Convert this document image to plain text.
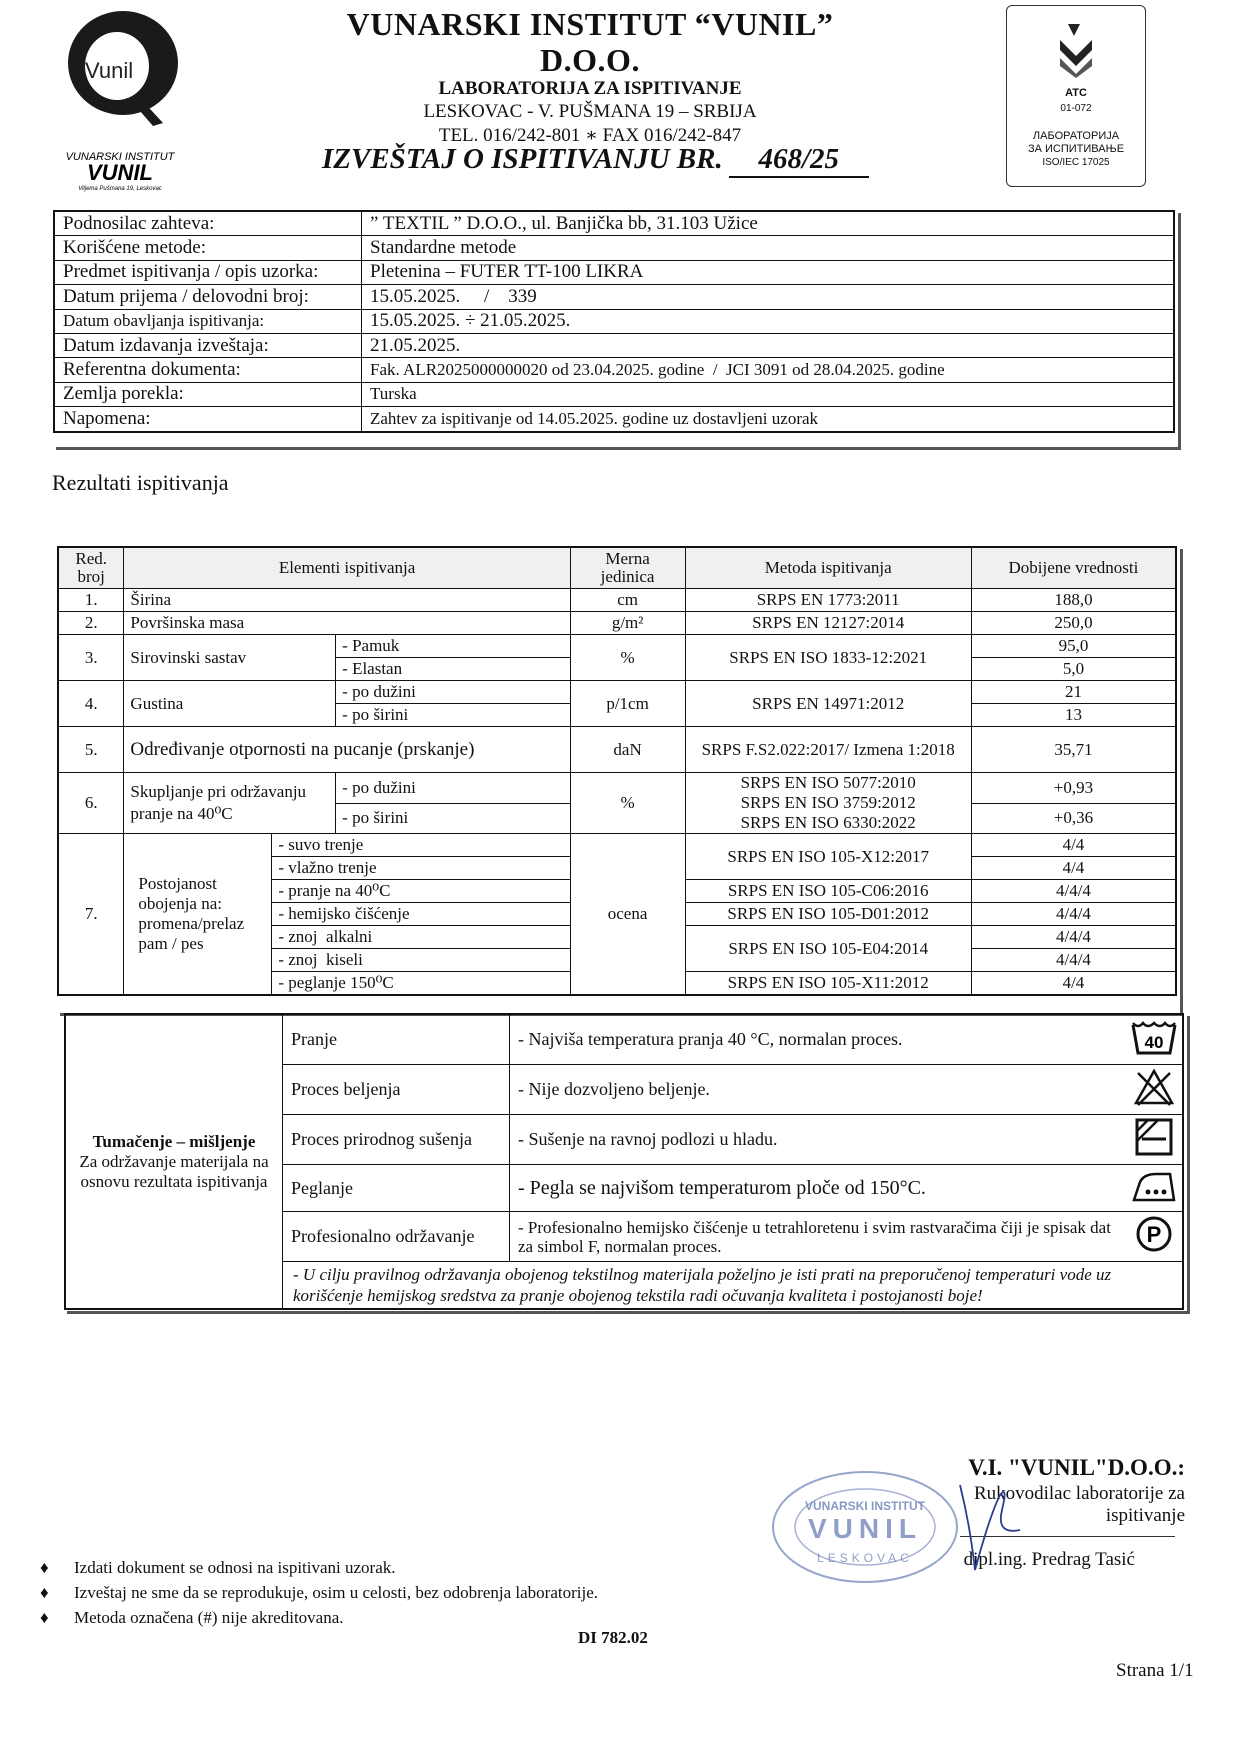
Vunil
VUNARSKI INSTITUT
VUNIL
Viljema Pušmana 19, Leskovac
VUNARSKI INSTITUT “VUNIL” D.O.O.
LABORATORIJA ZA ISPITIVANJE
LESKOVAC - V. PUŠMANA 19 – SRBIJA
TEL. 016/242-801 ∗ FAX 016/242-847
IZVEŠTAJ O ISPITIVANJU BR. 468/25
ATC
01-072
ЛАБОРАТОРИЈА
ЗА ИСПИТИВАЊЕ
ISO/IEC 17025
Podnosilac zahteva:	” TEXTIL ” D.O.O., ul. Banjička bb, 31.103 Užice
Korišćene metode:	Standardne metode
Predmet ispitivanja / opis uzorka:	Pletenina – FUTER TT-100 LIKRA
Datum prijema / delovodni broj:	15.05.2025.     /    339
Datum obavljanja ispitivanja:	15.05.2025. ÷ 21.05.2025.
Datum izdavanja izveštaja:	21.05.2025.
Referentna dokumenta:	Fak. ALR2025000000020 od 23.04.2025. godine  /  JCI 3091 od 28.04.2025. godine
Zemlja porekla:	Turska
Napomena:	Zahtev za ispitivanje od 14.05.2025. godine uz dostavljeni uzorak
Rezultati ispitivanja
Red. broj	Elementi ispitivanja			Merna jedinica	Metoda ispitivanja	Dobijene vrednosti
1.	Širina			cm	SRPS EN 1773:2011	188,0
2.	Površinska masa			g/m²	SRPS EN 12127:2014	250,0
3.	Sirovinski sastav		- Pamuk	%	SRPS EN ISO 1833-12:2021	95,0
			- Elastan			5,0
4.	Gustina		- po dužini	p/1cm	SRPS EN 14971:2012	21
			- po širini			13
5.	Određivanje otpornosti na pucanje (prskanje)			daN	SRPS F.S2.022:2017/ Izmena 1:2018	35,71
6.	Skupljanje pri održavanju pranje na 40⁰C		- po dužini	%	SRPS EN ISO 5077:2010
SRPS EN ISO 3759:2012
SRPS EN ISO 6330:2022	+0,93
			- po širini			+0,36
7.	Postojanost obojenja na: promena/prelaz pam / pes	- suvo trenje		ocena	SRPS EN ISO 105-X12:2017	4/4
		- vlažno trenje				4/4
		- pranje na 40⁰C			SRPS EN ISO 105-C06:2016	4/4/4
		- hemijsko čišćenje			SRPS EN ISO 105-D01:2012	4/4/4
		- znoj  alkalni			SRPS EN ISO 105-E04:2014	4/4/4
		- znoj  kiseli				4/4/4
		- peglanje 150⁰C			SRPS EN ISO 105-X11:2012	4/4
Tumačenje – mišljenje
Za održavanje materijala na osnovu rezultata ispitivanja	Pranje	- Najviša temperatura pranja 40 °C, normalan proces.	40

	Proces beljenja	- Nije dozvoljeno beljenje.	
	Proces prirodnog sušenja	- Sušenje na ravnoj podlozi u hladu.	
	Peglanje	- Pegla se najvišom temperaturom ploče od 150°C.	
	Profesionalno održavanje	- Profesionalno hemijsko čišćenje u tetrahloretenu i svim rastvaračima čiji je spisak dat za simbol F, normalan proces.	P

	- U cilju pravilnog održavanja obojenog tekstilnog materijala poželjno je isti prati na preporučenoj temperaturi vode uz korišćenje hemijskog sredstva za pranje obojenog tekstila radi očuvanja kvaliteta i postojanosti boje!		
VUNARSKI INSTITUT
VUNIL
LESKOVAC
V.I. "VUNIL"D.O.O.:
Rukovodilac laboratorije za ispitivanje
dipl.ing. Predrag Tasić
♦ Izdati dokument se odnosi na ispitivani uzorak.
♦ Izveštaj ne sme da se reprodukuje, osim u celosti, bez odobrenja laboratorije.
♦ Metoda označena (#) nije akreditovana.
DI 782.02
Strana 1/1
